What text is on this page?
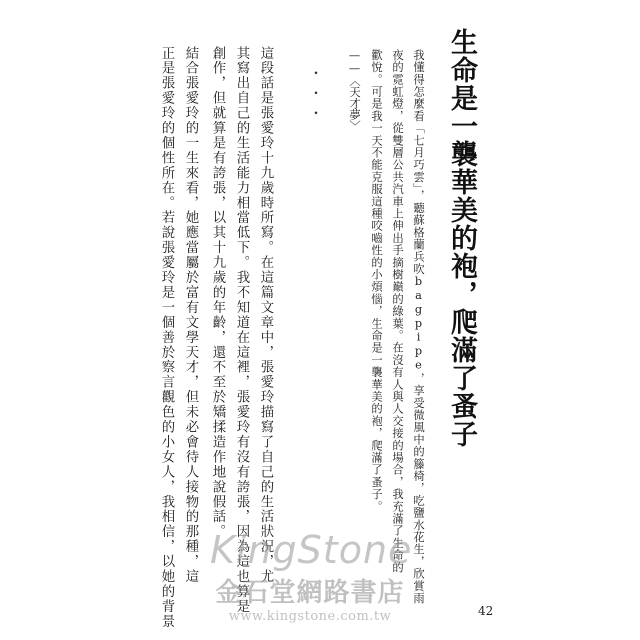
生命是一襲華美的袍，爬滿了蚤子

我懂得怎麼看「七月巧雲」，聽蘇格蘭兵吹bagpipe，享受微風中的籐椅，吃鹽水花生，欣賞雨

夜的霓虹燈，從雙層公共汽車上伸出手摘樹巔的綠葉。在沒有人與人交接的場合，我充滿了生命的

歡悅。可是我一天不能克服這種咬嚙性的小煩惱，生命是一襲華美的袍，爬滿了蚤子。

——〈天才夢〉

・・・

這段話是張愛玲十九歲時所寫。在這篇文章中，張愛玲描寫了自己的生活狀況，尤

其寫出自己的生活能力相當低下。我不知道在這裡，張愛玲有沒有誇張，因為這也算是

創作，但就算是有誇張，以其十九歲的年齡，還不至於矯揉造作地說假話。

結合張愛玲的一生來看，她應當屬於富有文學天才，但未必會待人接物的那種，這

正是張愛玲的個性所在。若說張愛玲是一個善於察言觀色的小女人，我相信，以她的背景 KingStone
金石堂網路書店
www.kingstone.com.tw	42
